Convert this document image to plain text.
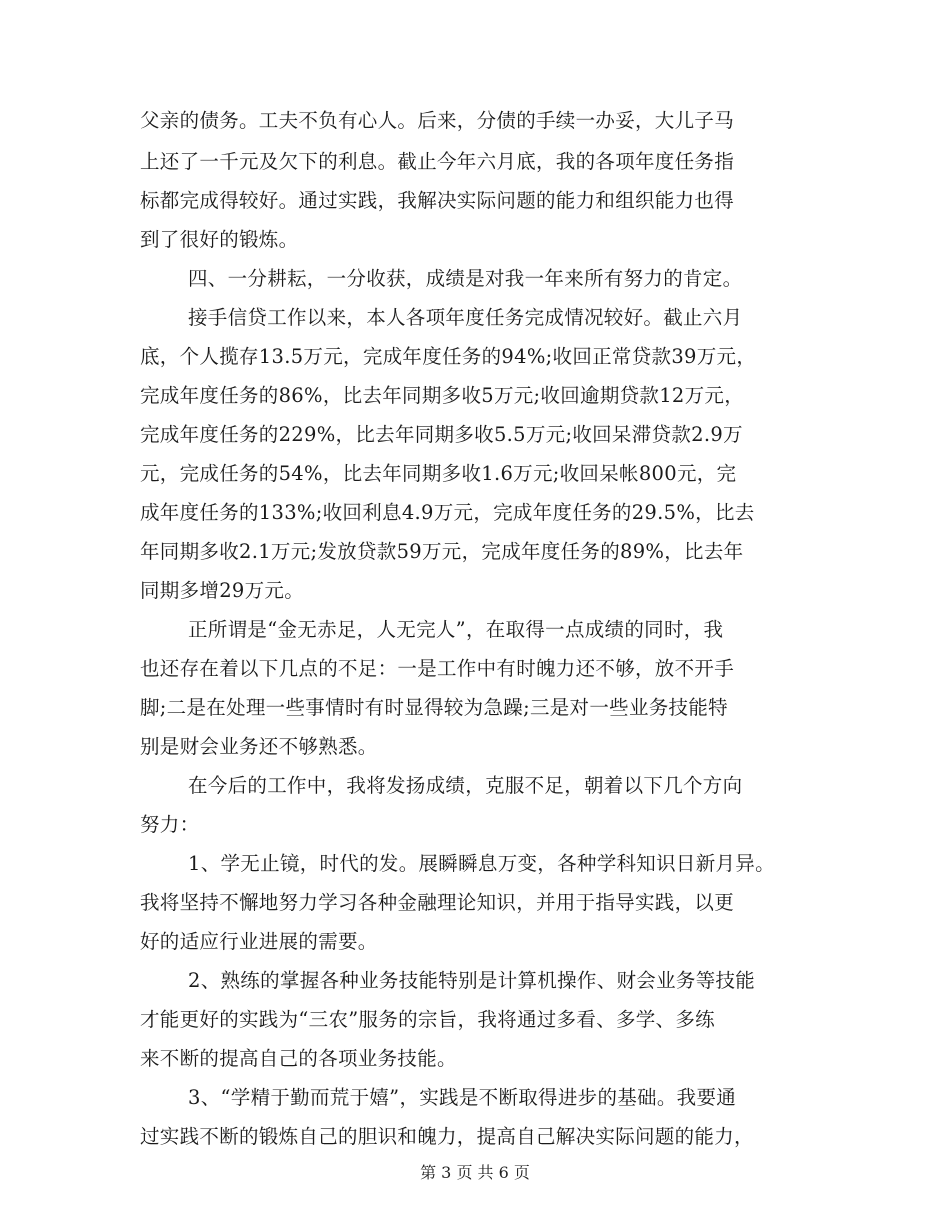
父亲的债务。工夫不负有心人。后来，分债的手续一办妥，大儿子马
上还了一千元及欠下的利息。截止今年六月底，我的各项年度任务指
标都完成得较好。通过实践，我解决实际问题的能力和组织能力也得
到了很好的锻炼。
四、一分耕耘，一分收获，成绩是对我一年来所有努力的肯定。
接手信贷工作以来，本人各项年度任务完成情况较好。截止六月
底，个人揽存13.5万元，完成年度任务的94%;收回正常贷款39万元，
完成年度任务的86%，比去年同期多收5万元;收回逾期贷款12万元，
完成年度任务的229%，比去年同期多收5.5万元;收回呆滞贷款2.9万
元，完成任务的54%，比去年同期多收1.6万元;收回呆帐800元，完
成年度任务的133%;收回利息4.9万元，完成年度任务的29.5%，比去
年同期多收2.1万元;发放贷款59万元，完成年度任务的89%，比去年
同期多增29万元。
正所谓是“金无赤足，人无完人”，在取得一点成绩的同时，我
也还存在着以下几点的不足：一是工作中有时魄力还不够，放不开手
脚;二是在处理一些事情时有时显得较为急躁;三是对一些业务技能特
别是财会业务还不够熟悉。
在今后的工作中，我将发扬成绩，克服不足，朝着以下几个方向
努力：
1、学无止镜，时代的发。展瞬瞬息万变，各种学科知识日新月异。
我将坚持不懈地努力学习各种金融理论知识，并用于指导实践，以更
好的适应行业进展的需要。
2、熟练的掌握各种业务技能特别是计算机操作、财会业务等技能
才能更好的实践为“三农”服务的宗旨，我将通过多看、多学、多练
来不断的提高自己的各项业务技能。
3、“学精于勤而荒于嬉”，实践是不断取得进步的基础。我要通
过实践不断的锻炼自己的胆识和魄力，提高自己解决实际问题的能力，
第 3 页 共 6 页
